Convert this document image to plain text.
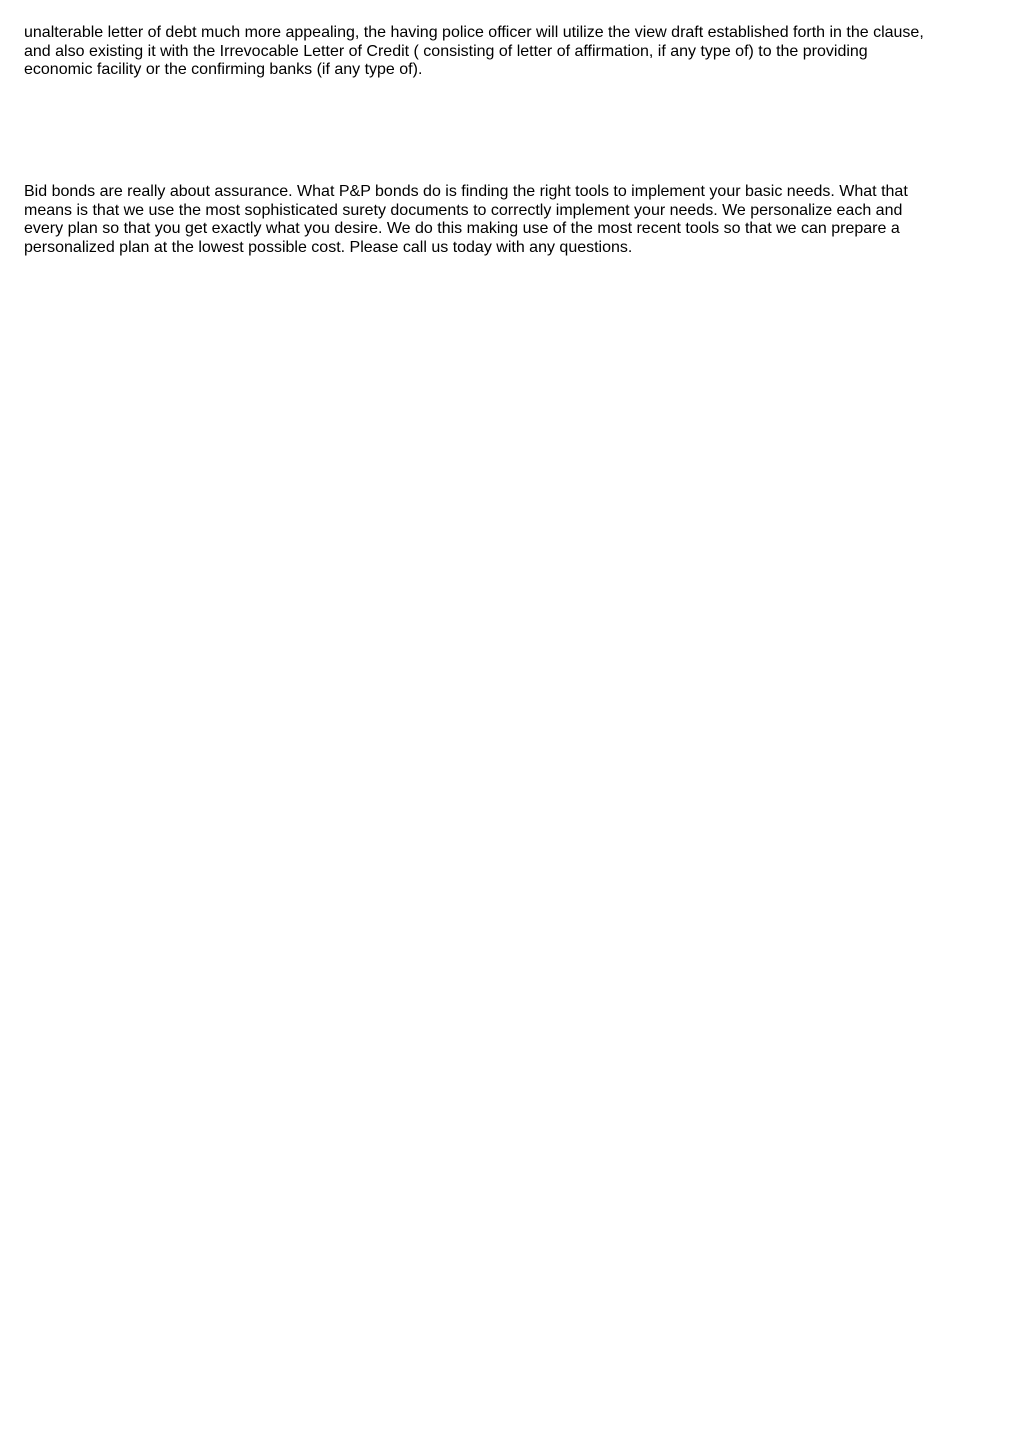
unalterable letter of debt much more appealing, the having police officer will utilize the view draft established forth in the clause,
and also existing it with the Irrevocable Letter of Credit ( consisting of letter of affirmation, if any type of) to the providing
economic facility or the confirming banks (if any type of).

Bid bonds are really about assurance. What P&P bonds do is finding the right tools to implement your basic needs. What that
means is that we use the most sophisticated surety documents to correctly implement your needs. We personalize each and
every plan so that you get exactly what you desire. We do this making use of the most recent tools so that we can prepare a
personalized plan at the lowest possible cost. Please call us today with any questions.
